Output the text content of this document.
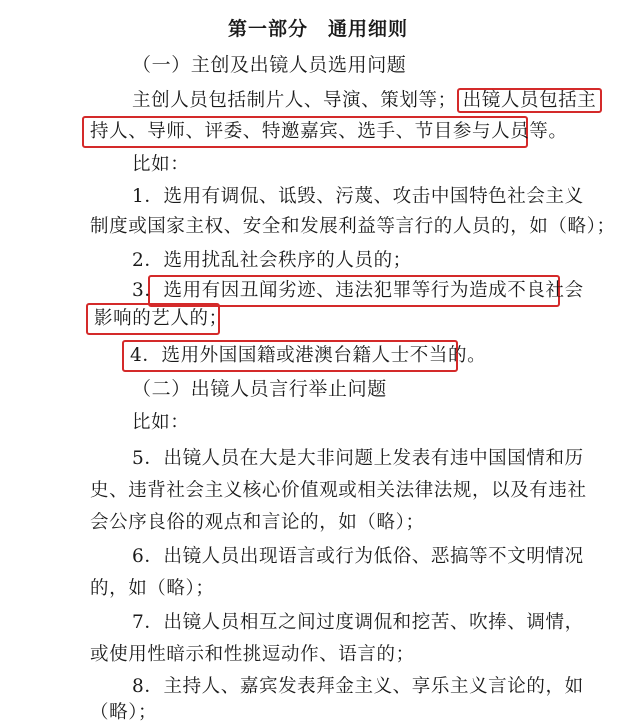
第一部分　通用细则
（一）主创及出镜人员选用问题
主创人员包括制片人、导演、策划等； 出镜人员包括主
持人、导师、评委、特邀嘉宾、选手、节目参与人员等。
比如：
1．选用有调侃、诋毁、污蔑、攻击中国特色社会主义
制度或国家主权、安全和发展利益等言行的人员的，如（略）；
2．选用扰乱社会秩序的人员的；
3．选用有因丑闻劣迹、违法犯罪等行为造成不良社会
影响的艺人的；
4．选用外国国籍或港澳台籍人士不当的。
（二）出镜人员言行举止问题
比如：
5．出镜人员在大是大非问题上发表有违中国国情和历
史、违背社会主义核心价值观或相关法律法规，以及有违社
会公序良俗的观点和言论的，如（略）；
6．出镜人员出现语言或行为低俗、恶搞等不文明情况
的，如（略）；
7．出镜人员相互之间过度调侃和挖苦、吹捧、调情，
或使用性暗示和性挑逗动作、语言的；
8．主持人、嘉宾发表拜金主义、享乐主义言论的，如
（略）；
